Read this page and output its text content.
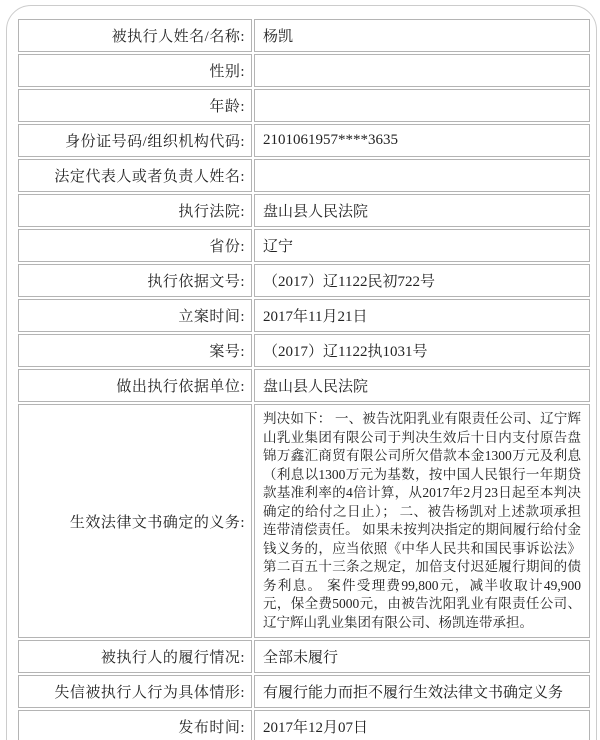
被执行人姓名/名称:	杨凯
性别:	
年龄:	
身份证号码/组织机构代码:	2101061957****3635
法定代表人或者负责人姓名:	
执行法院:	盘山县人民法院
省份:	辽宁
执行依据文号:	（2017）辽1122民初722号
立案时间:	2017年11月21日
案号:	（2017）辽1122执1031号
做出执行依据单位:	盘山县人民法院
生效法律文书确定的义务:	判决如下： 一、被告沈阳乳业有限责任公司、辽宁辉山乳业集团有限公司于判决生效后十日内支付原告盘锦万鑫汇商贸有限公司所欠借款本金1300万元及利息（利息以1300万元为基数，按中国人民银行一年期贷款基准利率的4倍计算，从2017年2月23日起至本判决确定的给付之日止）； 二、被告杨凯对上述款项承担连带清偿责任。 如果未按判决指定的期间履行给付金钱义务的，应当依照《中华人民共和国民事诉讼法》第二百五十三条之规定，加倍支付迟延履行期间的债务利息。 案件受理费99,800元，减半收取计49,900元，保全费5000元，由被告沈阳乳业有限责任公司、辽宁辉山乳业集团有限公司、杨凯连带承担。
被执行人的履行情况:	全部未履行
失信被执行人行为具体情形:	有履行能力而拒不履行生效法律文书确定义务
发布时间:	2017年12月07日
